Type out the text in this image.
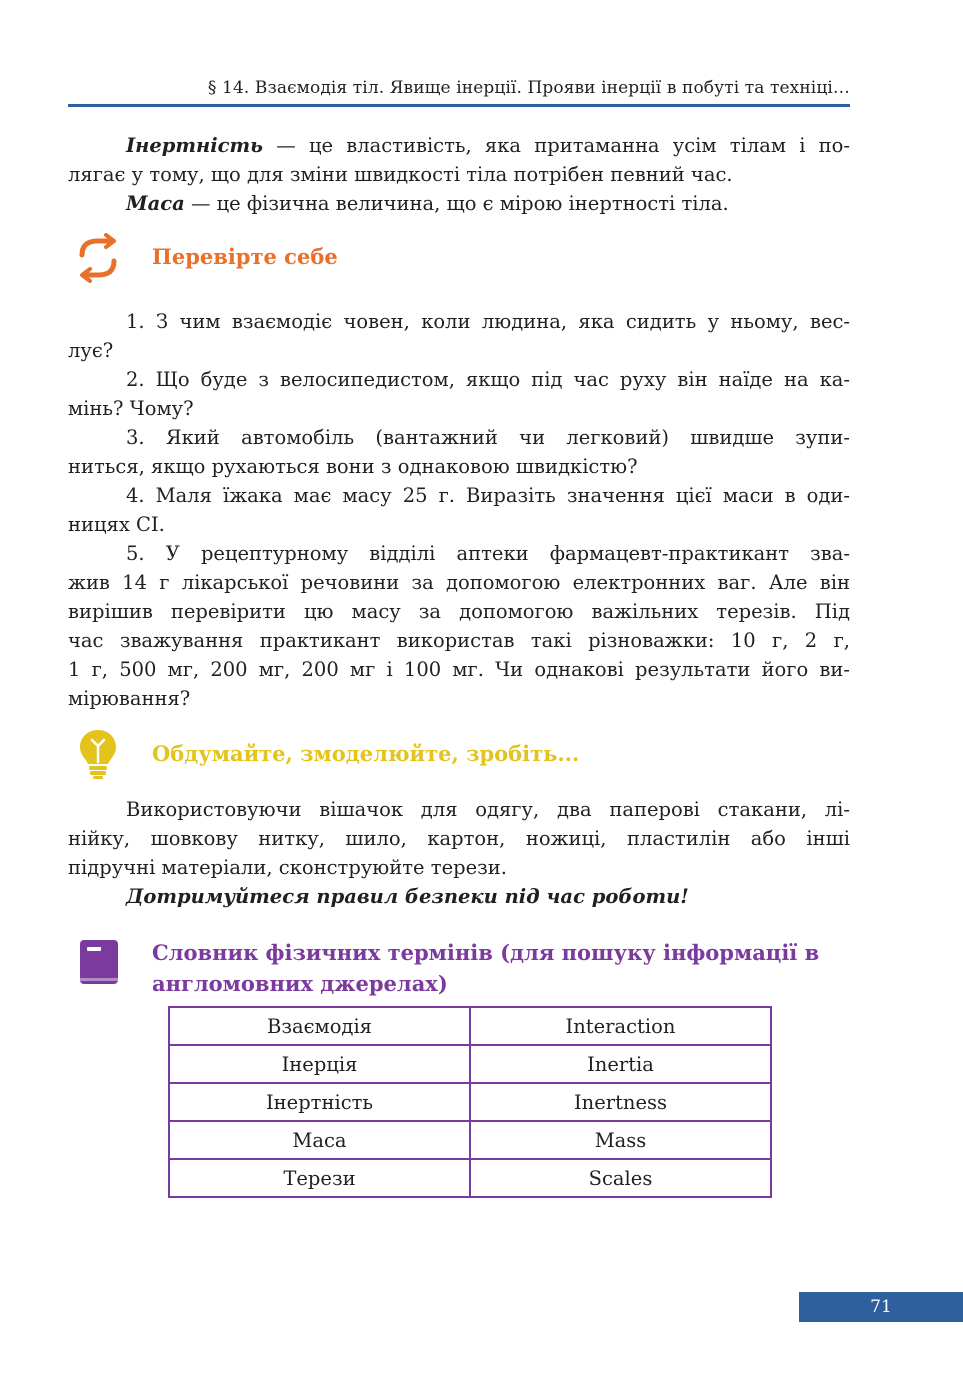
§ 14. Взаємодія тіл. Явище інерції. Прояви інерції в побуті та техніці…
Інертність — це властивість, яка притаманна усім тілам і по-
лягає у тому, що для зміни швидкості тіла потрібен певний час.
Маса — це фізична величина, що є мірою інертності тіла.
Перевірте себе
1. З чим взаємодіє човен, коли людина, яка сидить у ньому, вес-
лує?
2. Що буде з велосипедистом, якщо під час руху він наїде на ка-
мінь? Чому?
3. Який автомобіль (вантажний чи легковий) швидше зупи-
ниться, якщо рухаються вони з однаковою швидкістю?
4. Маля їжака має масу 25 г. Виразіть значення цієї маси в оди-
ницях СІ.
5. У рецептурному відділі аптеки фармацевт-практикант зва-
жив 14 г лікарської речовини за допомогою електронних ваг. Але він
вирішив перевірити цю масу за допомогою важільних терезів. Під
час зважування практикант використав такі різноважки: 10 г, 2 г,
1 г, 500 мг, 200 мг, 200 мг і 100 мг. Чи однакові результати його ви-
мірювання?
Обдумайте, змоделюйте, зробіть...
Використовуючи вішачок для одягу, два паперові стакани, лі-
нійку, шовкову нитку, шило, картон, ножиці, пластилін або інші
підручні матеріали, сконструюйте терези.
Дотримуйтеся правил безпеки під час роботи!
Словник фізичних термінів (для пошуку інформації в
англомовних джерелах)
Взаємодія	Interaction
Інерція	Inertia
Інертність	Inertness
Маса	Mass
Терези	Scales
71
